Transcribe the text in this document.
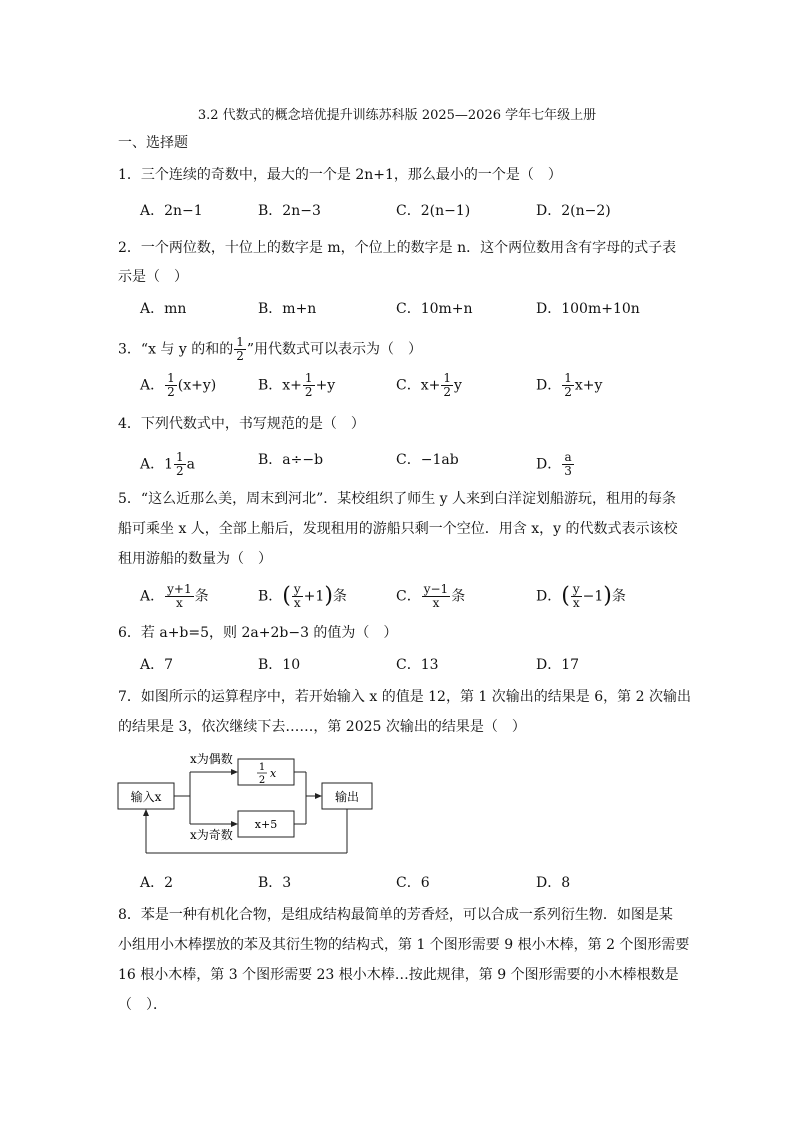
3.2 代数式的概念培优提升训练苏科版 2025—2026 学年七年级上册
一、选择题
1．三个连续的奇数中，最大的一个是 2n+1，那么最小的一个是（　）
A．2n−1	B．2n−3	C．2(n−1)	D．2(n−2)
2．一个两位数，十位上的数字是 m，个位上的数字是 n．这个两位数用含有字母的式子表
示是（　）
A．mn	B．m+n	C．10m+n	D．100m+10n
3．“x 与 y 的和的 $\frac{1}{2}$ ”用代数式可以表示为（　）
A． $\frac{1}{2} (x+y)$	B．$x+ \frac{1}{2} +y$	C．$x+ \frac{1}{2}$ y	D． $\frac{1}{2} x+y$
4．下列代数式中，书写规范的是（　）
A．$1 \frac{1}{2}$ a	B．a÷−b	C．−1ab	D． $\frac{a}{3}$
5．“这么近那么美，周末到河北”．某校组织了师生 y 人来到白洋淀划船游玩，租用的每条
船可乘坐 x 人，全部上船后，发现租用的游船只剩一个空位．用含 x，y 的代数式表示该校
租用游船的数量为（　）
A． $\frac{y+1}{x}$ 条	B．( $\frac{y}{x} +1$)条	C． $\frac{y-1}{x}$ 条	D．( $\frac{y}{x} -1$)条
6．若 a+b=5，则 2a+2b−3 的值为（　）
A．7	B．10	C．13	D．17
7．如图所示的运算程序中，若开始输入 x 的值是 12，第 1 次输出的结果是 6，第 2 次输出
的结果是 3，依次继续下去……，第 2025 次输出的结果是（　）
输入x	输出
x为偶数
x为奇数
1
2
x
x+5
A．2	B．3	C．6	D．8
8．苯是一种有机化合物，是组成结构最简单的芳香烃，可以合成一系列衍生物．如图是某
小组用小木棒摆放的苯及其衍生物的结构式，第 1 个图形需要 9 根小木棒，第 2 个图形需要
16 根小木棒，第 3 个图形需要 23 根小木棒…按此规律，第 9 个图形需要的小木棒根数是
（　）．
